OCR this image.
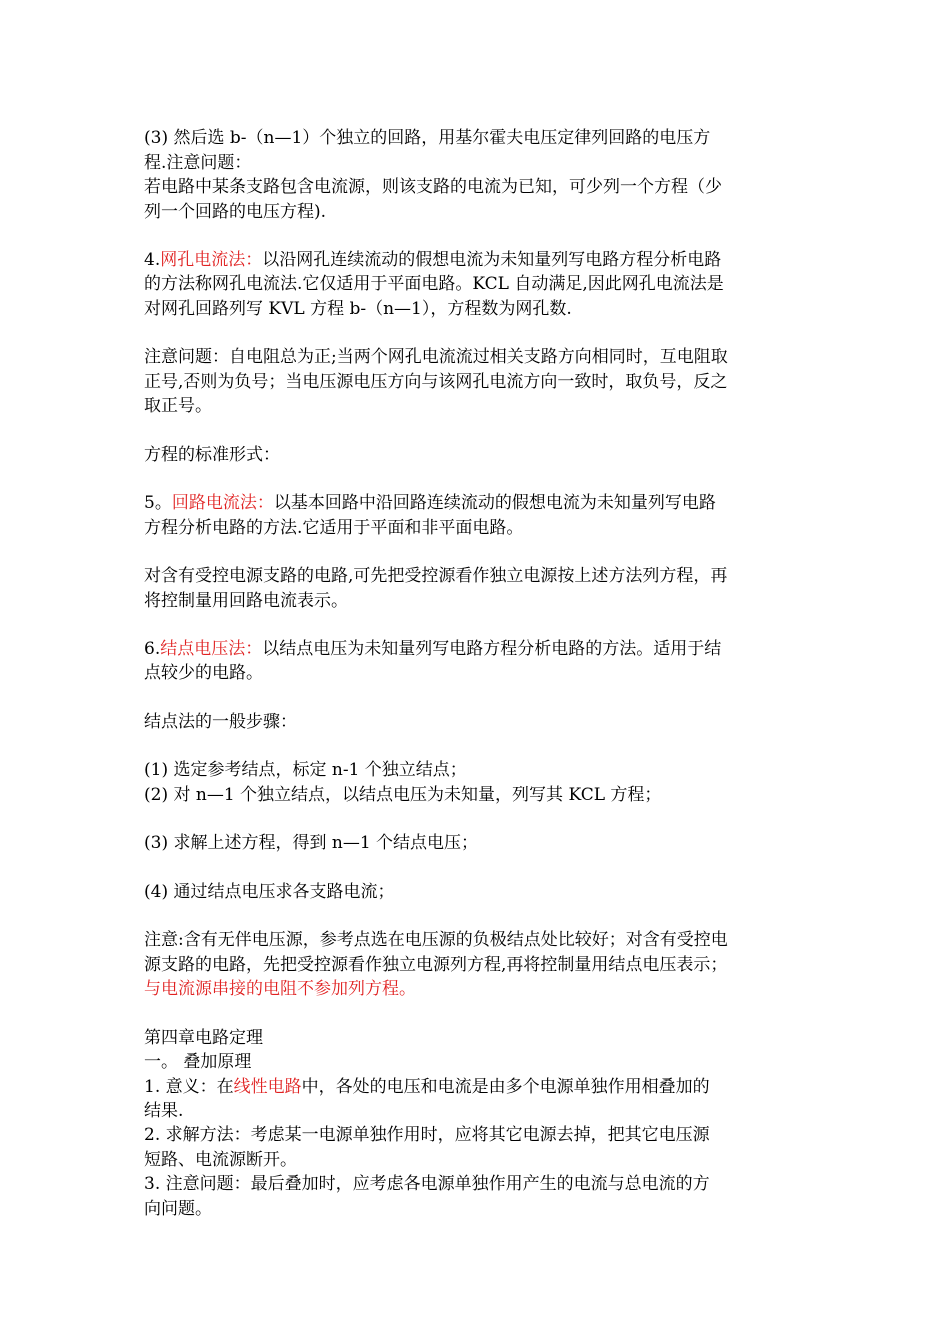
(3) 然后选 b-（n—1）个独立的回路，用基尔霍夫电压定律列回路的电压方
程.注意问题：
若电路中某条支路包含电流源，则该支路的电流为已知，可少列一个方程（少
列一个回路的电压方程).
4.网孔电流法：以沿网孔连续流动的假想电流为未知量列写电路方程分析电路
的方法称网孔电流法.它仅适用于平面电路。KCL 自动满足,因此网孔电流法是
对网孔回路列写 KVL 方程 b-（n—1），方程数为网孔数.
注意问题：自电阻总为正;当两个网孔电流流过相关支路方向相同时，互电阻取
正号,否则为负号；当电压源电压方向与该网孔电流方向一致时，取负号，反之
取正号。
方程的标准形式：
5。回路电流法：以基本回路中沿回路连续流动的假想电流为未知量列写电路
方程分析电路的方法.它适用于平面和非平面电路。
对含有受控电源支路的电路,可先把受控源看作独立电源按上述方法列方程，再
将控制量用回路电流表示。
6.结点电压法：以结点电压为未知量列写电路方程分析电路的方法。适用于结
点较少的电路。
结点法的一般步骤：
(1) 选定参考结点，标定 n-1 个独立结点；
(2) 对 n—1 个独立结点，以结点电压为未知量，列写其 KCL 方程；
(3) 求解上述方程，得到 n—1 个结点电压；
(4) 通过结点电压求各支路电流；
注意:含有无伴电压源，参考点选在电压源的负极结点处比较好；对含有受控电
源支路的电路，先把受控源看作独立电源列方程,再将控制量用结点电压表示；
与电流源串接的电阻不参加列方程。
第四章电路定理
一。 叠加原理
1. 意义：在线性电路中，各处的电压和电流是由多个电源单独作用相叠加的
结果.
2. 求解方法：考虑某一电源单独作用时，应将其它电源去掉，把其它电压源
短路、电流源断开。
3. 注意问题：最后叠加时，应考虑各电源单独作用产生的电流与总电流的方
向问题。
